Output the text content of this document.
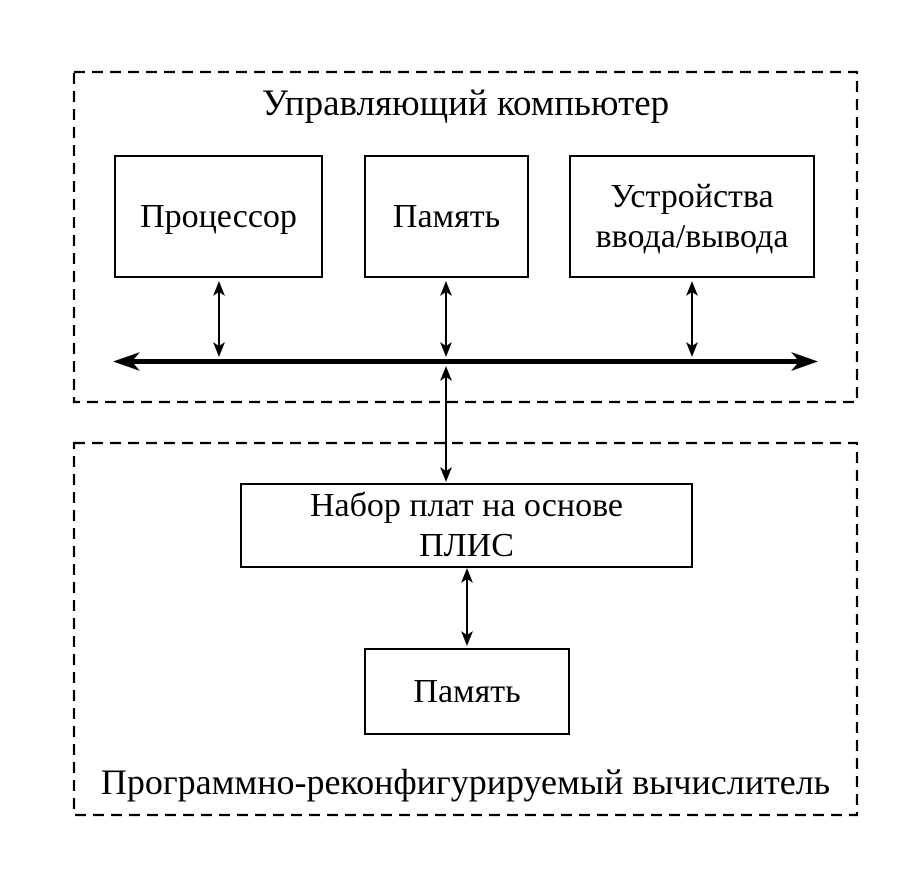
Управляющий компьютер
Процессор	Память
Устройства
ввода/вывода
Набор плат на основе
ПЛИС
Память
Программно-реконфигурируемый вычислитель
